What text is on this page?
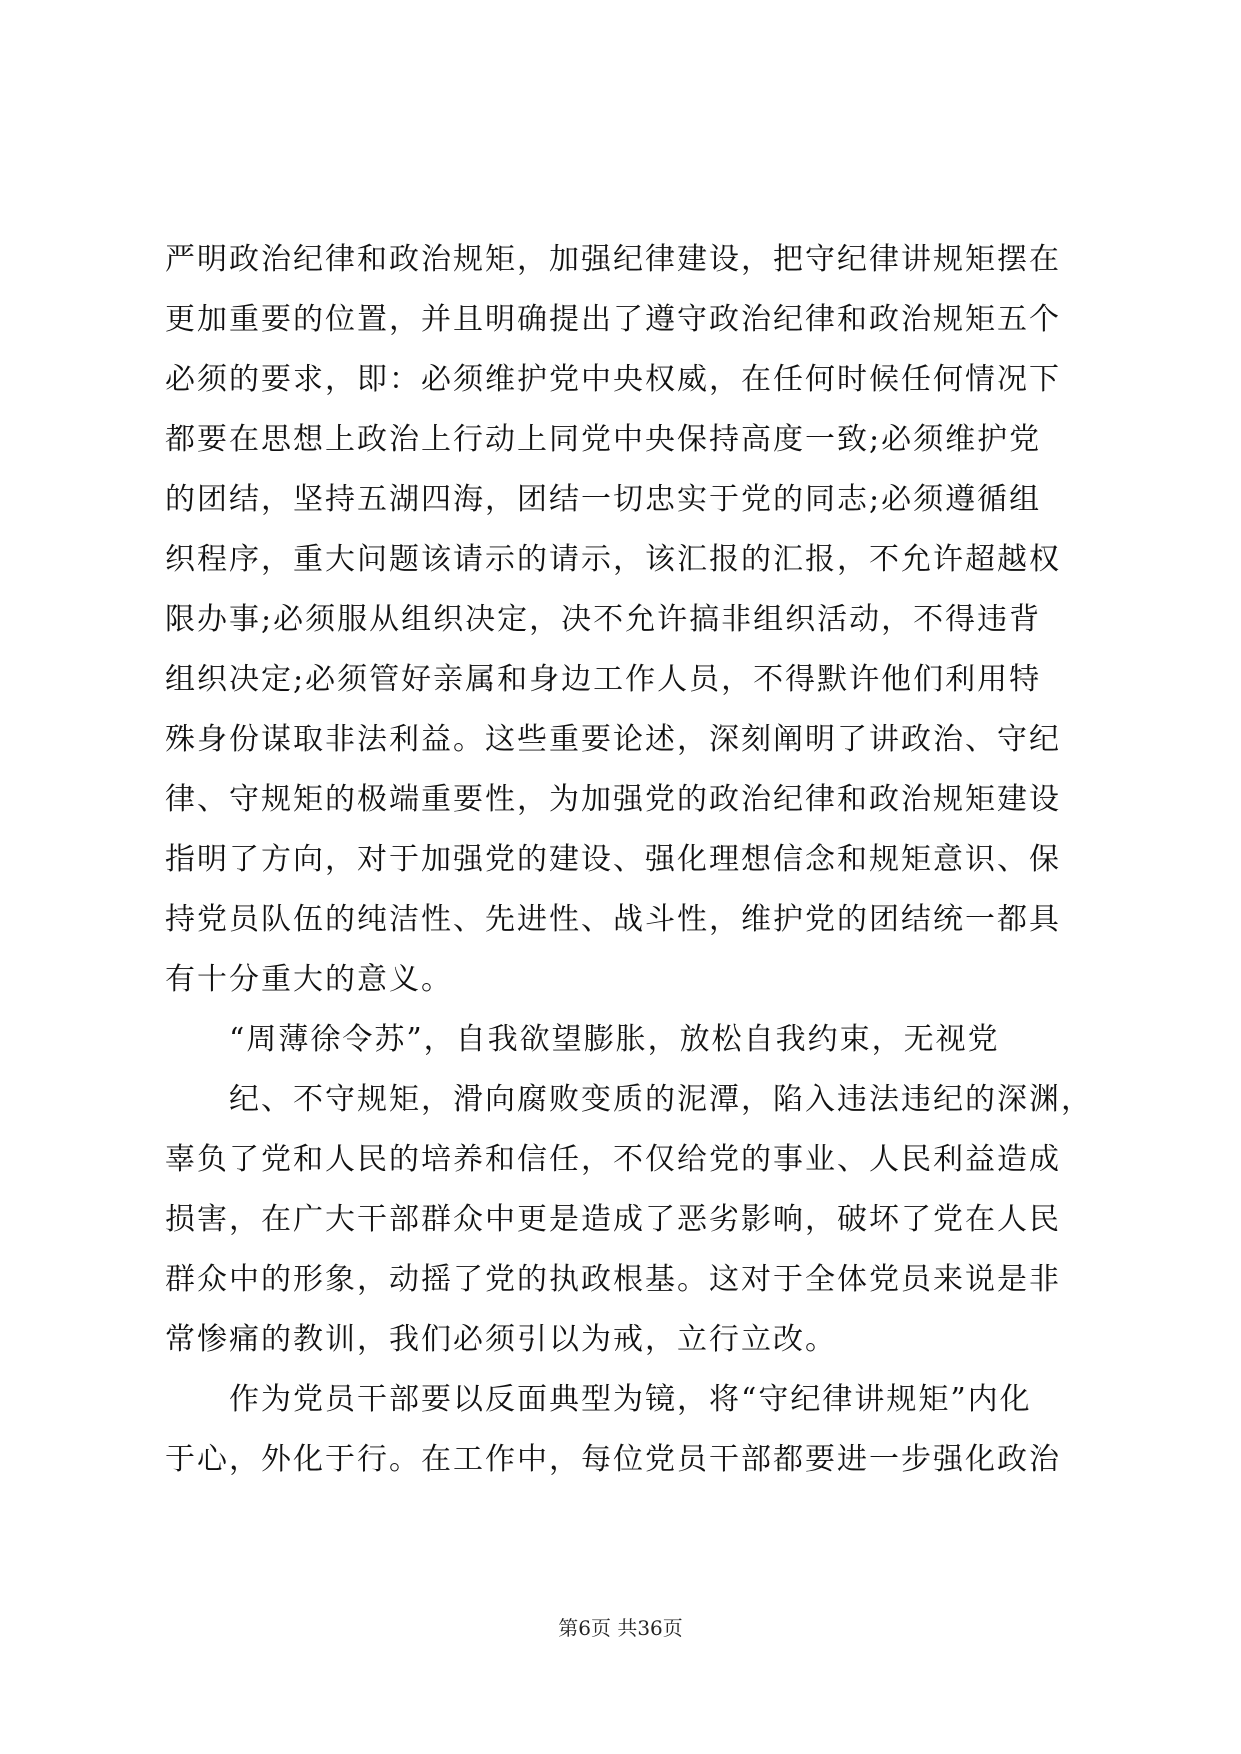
严明政治纪律和政治规矩，加强纪律建设，把守纪律讲规矩摆在
更加重要的位置，并且明确提出了遵守政治纪律和政治规矩五个
必须的要求，即：必须维护党中央权威，在任何时候任何情况下
都要在思想上政治上行动上同党中央保持高度一致;必须维护党
的团结，坚持五湖四海，团结一切忠实于党的同志;必须遵循组
织程序，重大问题该请示的请示，该汇报的汇报，不允许超越权
限办事;必须服从组织决定，决不允许搞非组织活动，不得违背
组织决定;必须管好亲属和身边工作人员，不得默许他们利用特
殊身份谋取非法利益。这些重要论述，深刻阐明了讲政治、守纪
律、守规矩的极端重要性，为加强党的政治纪律和政治规矩建设
指明了方向，对于加强党的建设、强化理想信念和规矩意识、保
持党员队伍的纯洁性、先进性、战斗性，维护党的团结统一都具
有十分重大的意义。
　　“周薄徐令苏”，自我欲望膨胀，放松自我约束，无视党
　　纪、不守规矩，滑向腐败变质的泥潭，陷入违法违纪的深渊，
辜负了党和人民的培养和信任，不仅给党的事业、人民利益造成
损害，在广大干部群众中更是造成了恶劣影响，破坏了党在人民
群众中的形象，动摇了党的执政根基。这对于全体党员来说是非
常惨痛的教训，我们必须引以为戒，立行立改。
　　作为党员干部要以反面典型为镜，将“守纪律讲规矩”内化
于心，外化于行。在工作中，每位党员干部都要进一步强化政治
第6页 共36页
